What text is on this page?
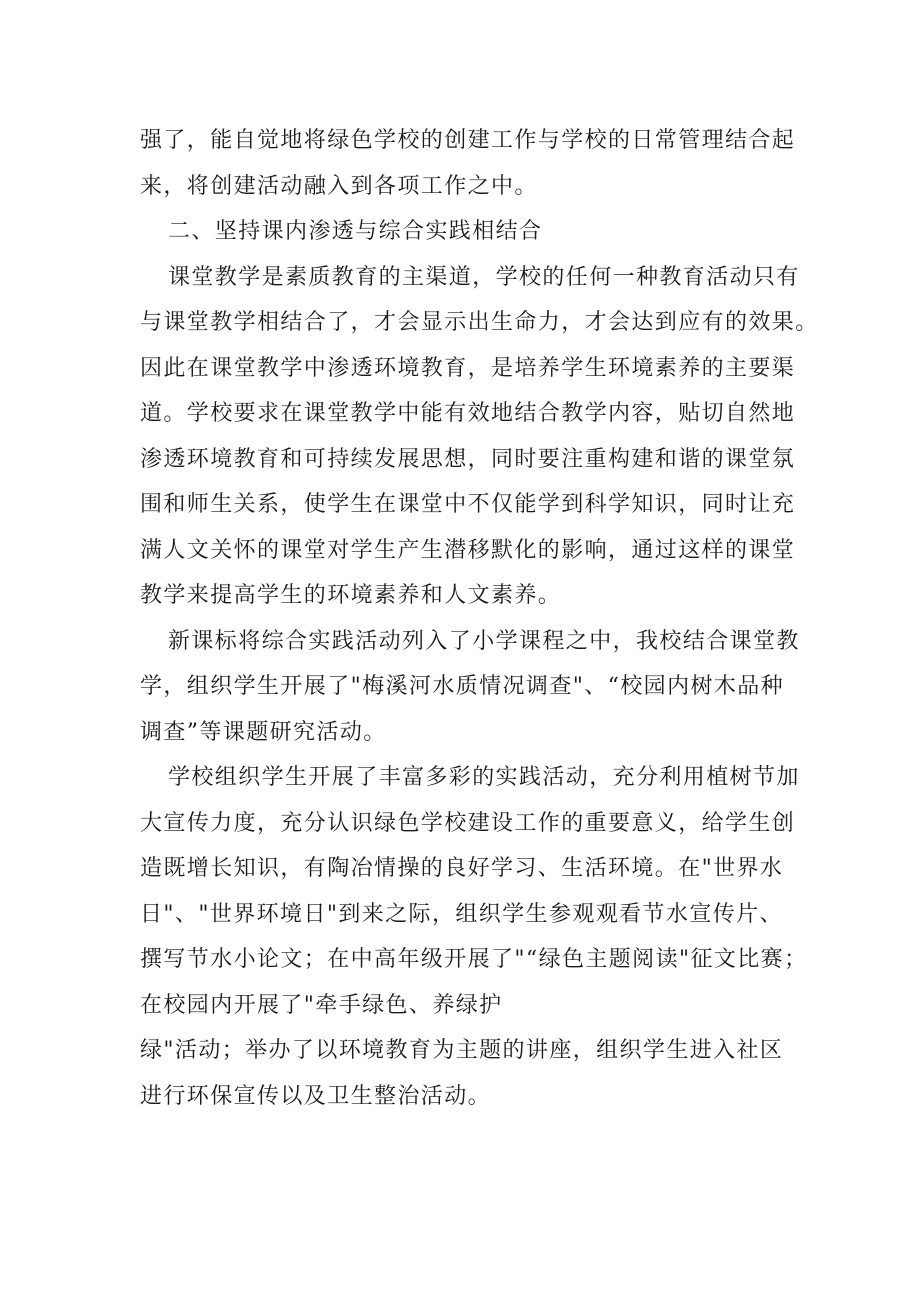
强了，能自觉地将绿色学校的创建工作与学校的日常管理结合起
来，将创建活动融入到各项工作之中。
二、坚持课内渗透与综合实践相结合
课堂教学是素质教育的主渠道，学校的任何一种教育活动只有
与课堂教学相结合了，才会显示出生命力，才会达到应有的效果。
因此在课堂教学中渗透环境教育，是培养学生环境素养的主要渠
道。学校要求在课堂教学中能有效地结合教学内容，贴切自然地
渗透环境教育和可持续发展思想，同时要注重构建和谐的课堂氛
围和师生关系，使学生在课堂中不仅能学到科学知识，同时让充
满人文关怀的课堂对学生产生潜移默化的影响，通过这样的课堂
教学来提高学生的环境素养和人文素养。
新课标将综合实践活动列入了小学课程之中，我校结合课堂教
学，组织学生开展了"梅溪河水质情况调查"、“校园内树木品种
调查”等课题研究活动。
学校组织学生开展了丰富多彩的实践活动，充分利用植树节加
大宣传力度，充分认识绿色学校建设工作的重要意义，给学生创
造既增长知识，有陶冶情操的良好学习、生活环境。在"世界水
日"、"世界环境日"到来之际，组织学生参观观看节水宣传片、
撰写节水小论文；在中高年级开展了"“绿色主题阅读"征文比赛；
在校园内开展了"牵手绿色、养绿护
绿"活动；举办了以环境教育为主题的讲座，组织学生进入社区
进行环保宣传以及卫生整治活动。
